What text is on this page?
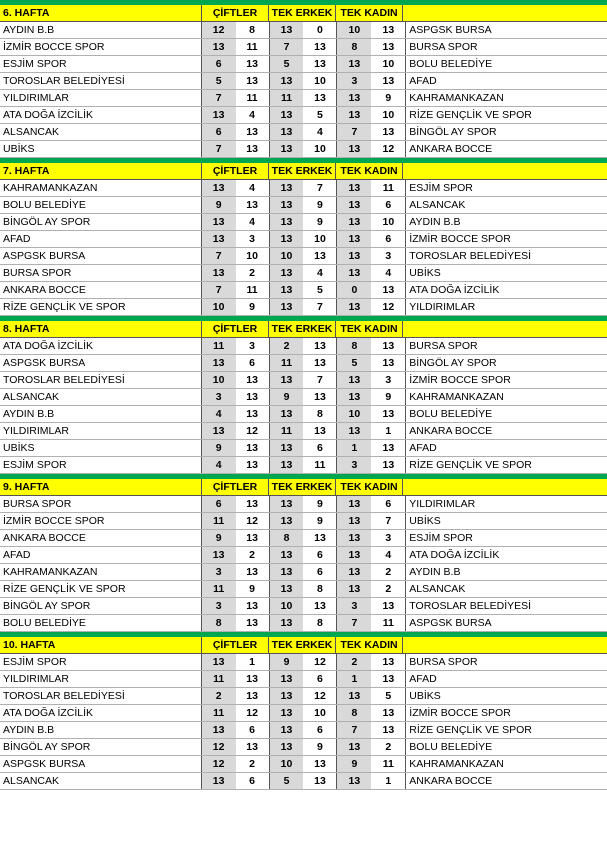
6. HAFTA	ÇİFTLER	TEK ERKEK TEK KADIN
AYDIN B.B	12	8	13	0	10	13	ASPGSK BURSA
İZMİR BOCCE SPOR	13	11	7	13	8	13	BURSA SPOR
ESJİM SPOR	6	13	5	13	13	10	BOLU BELEDİYE
TOROSLAR BELEDİYESİ	5	13	13	10	3	13	AFAD
YILDIRIMLAR	7	11	11	13	13	9	KAHRAMANKAZAN
ATA DOĞA İZCİLİK	13	4	13	5	13	10	RİZE GENÇLİK VE SPOR
ALSANCAK	6	13	13	4	7	13	BİNGÖL AY SPOR
UBİKS	7	13	13	10	13	12	ANKARA BOCCE
7. HAFTA	ÇİFTLER	TEK ERKEK TEK KADIN
KAHRAMANKAZAN	13	4	13	7	13	11	ESJİM SPOR
BOLU BELEDİYE	9	13	13	9	13	6	ALSANCAK
BİNGÖL AY SPOR	13	4	13	9	13	10	AYDIN B.B
AFAD	13	3	13	10	13	6	İZMİR BOCCE SPOR
ASPGSK BURSA	7	10	10	13	13	3	TOROSLAR BELEDİYESİ
BURSA SPOR	13	2	13	4	13	4	UBİKS
ANKARA BOCCE	7	11	13	5	0	13	ATA DOĞA İZCİLİK
RİZE GENÇLİK VE SPOR	10	9	13	7	13	12	YILDIRIMLAR
8. HAFTA	ÇİFTLER	TEK ERKEK TEK KADIN
ATA DOĞA İZCİLİK	11	3	2	13	8	13	BURSA SPOR
ASPGSK BURSA	13	6	11	13	5	13	BİNGÖL AY SPOR
TOROSLAR BELEDİYESİ	10	13	13	7	13	3	İZMİR BOCCE SPOR
ALSANCAK	3	13	9	13	13	9	KAHRAMANKAZAN
AYDIN B.B	4	13	13	8	10	13	BOLU BELEDİYE
YILDIRIMLAR	13	12	11	13	13	1	ANKARA BOCCE
UBİKS	9	13	13	6	1	13	AFAD
ESJİM SPOR	4	13	13	11	3	13	RİZE GENÇLİK VE SPOR
9. HAFTA	ÇİFTLER	TEK ERKEK TEK KADIN
BURSA SPOR	6	13	13	9	13	6	YILDIRIMLAR
İZMİR BOCCE SPOR	11	12	13	9	13	7	UBİKS
ANKARA BOCCE	9	13	8	13	13	3	ESJİM SPOR
AFAD	13	2	13	6	13	4	ATA DOĞA İZCİLİK
KAHRAMANKAZAN	3	13	13	6	13	2	AYDIN B.B
RİZE GENÇLİK VE SPOR	11	9	13	8	13	2	ALSANCAK
BİNGÖL AY SPOR	3	13	10	13	3	13	TOROSLAR BELEDİYESİ
BOLU BELEDİYE	8	13	13	8	7	11	ASPGSK BURSA
10. HAFTA	ÇİFTLER	TEK ERKEK TEK KADIN
ESJİM SPOR	13	1	9	12	2	13	BURSA SPOR
YILDIRIMLAR	11	13	13	6	1	13	AFAD
TOROSLAR BELEDİYESİ	2	13	13	12	13	5	UBİKS
ATA DOĞA İZCİLİK	11	12	13	10	8	13	İZMİR BOCCE SPOR
AYDIN B.B	13	6	13	6	7	13	RİZE GENÇLİK VE SPOR
BİNGÖL AY SPOR	12	13	13	9	13	2	BOLU BELEDİYE
ASPGSK BURSA	12	2	10	13	9	11	KAHRAMANKAZAN
ALSANCAK	13	6	5	13	13	1	ANKARA BOCCE
